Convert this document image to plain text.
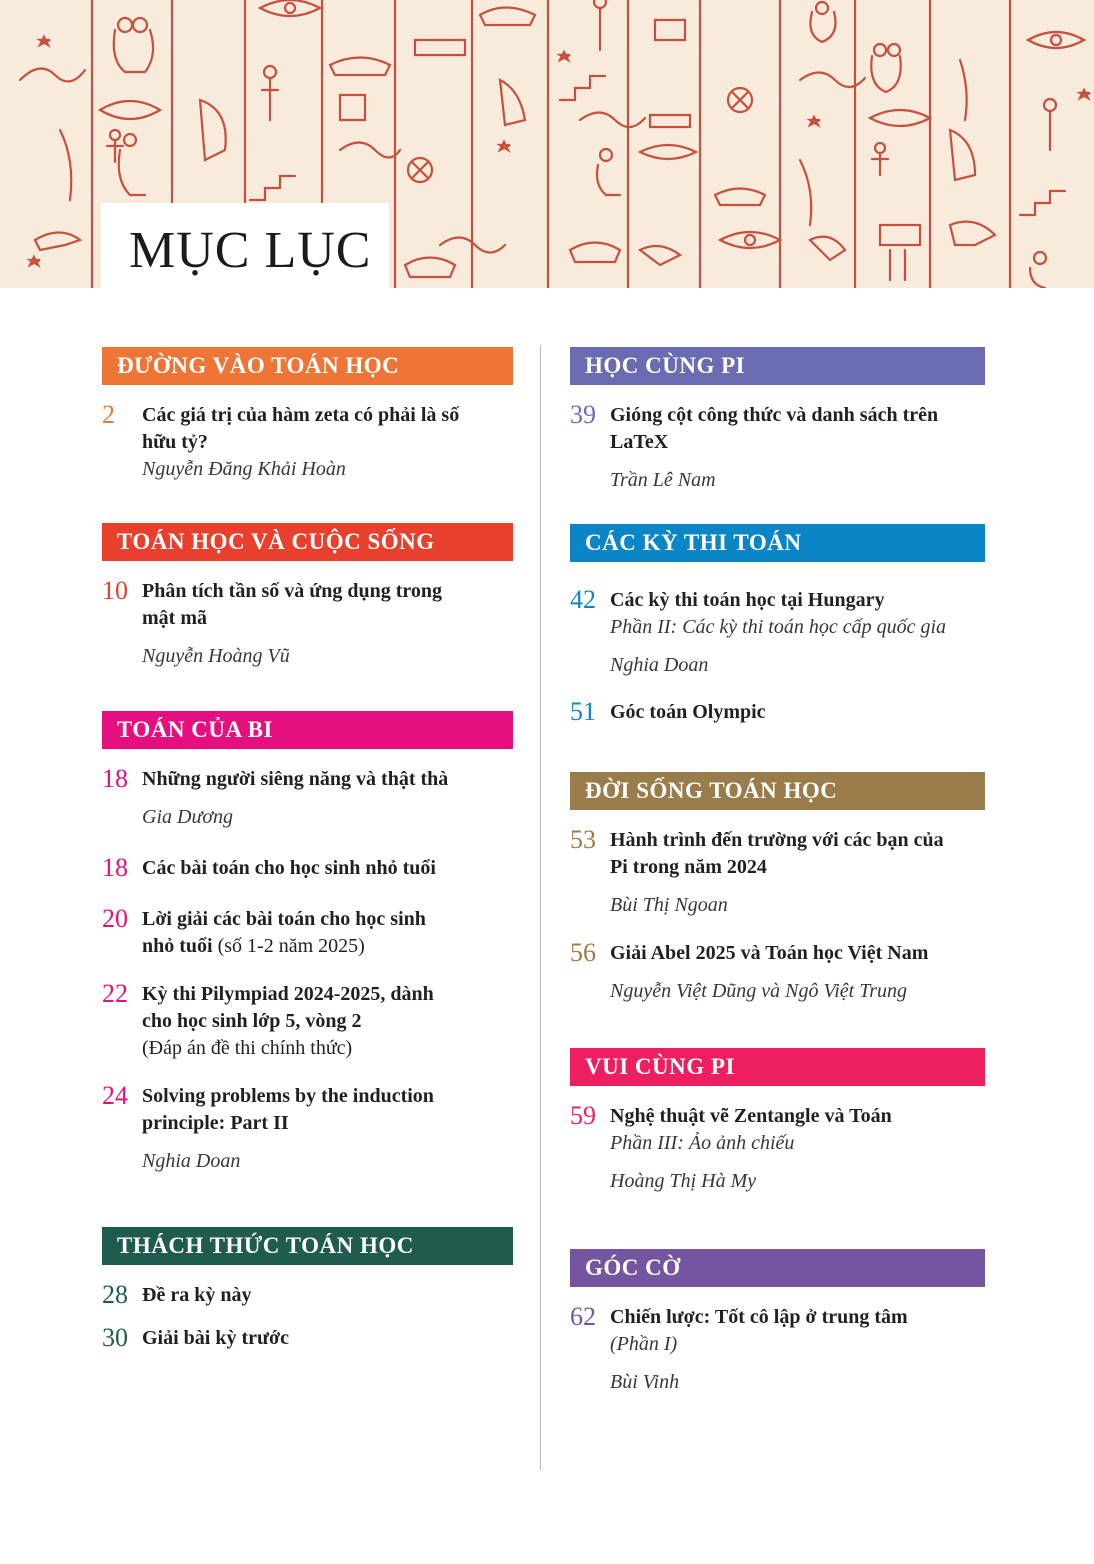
MỤC LỤC
ĐƯỜNG VÀO TOÁN HỌC
2	Các giá trị của hàm zeta có phải là số
hữu tỷ?
Nguyễn Đăng Khải Hoàn
TOÁN HỌC VÀ CUỘC SỐNG
10 Phân tích tần số và ứng dụng trong
mật mã
Nguyễn Hoàng Vũ
TOÁN CỦA BI
18 Những người siêng năng và thật thà
Gia Dương
18 Các bài toán cho học sinh nhỏ tuổi
20 Lời giải các bài toán cho học sinh
nhỏ tuổi (số 1-2 năm 2025)
22 Kỳ thi Pilympiad 2024-2025, dành
cho học sinh lớp 5, vòng 2
(Đáp án đề thi chính thức)
24 Solving problems by the induction
principle: Part II
Nghia Doan
THÁCH THỨC TOÁN HỌC
28 Đề ra kỳ này
30 Giải bài kỳ trước
HỌC CÙNG PI
39 Gióng cột công thức và danh sách trên
LaTeX
Trần Lê Nam
CÁC KỲ THI TOÁN
42 Các kỳ thi toán học tại Hungary
Phần II: Các kỳ thi toán học cấp quốc gia
Nghia Doan
51 Góc toán Olympic
ĐỜI SỐNG TOÁN HỌC
53 Hành trình đến trường với các bạn của
Pi trong năm 2024
Bùi Thị Ngoan
56 Giải Abel 2025 và Toán học Việt Nam
Nguyễn Việt Dũng và Ngô Việt Trung
VUI CÙNG PI
59 Nghệ thuật vẽ Zentangle và Toán
Phần III: Ảo ảnh chiếu
Hoàng Thị Hà My
GÓC CỜ
62 Chiến lược: Tốt cô lập ở trung tâm
(Phần I)
Bùi Vinh
